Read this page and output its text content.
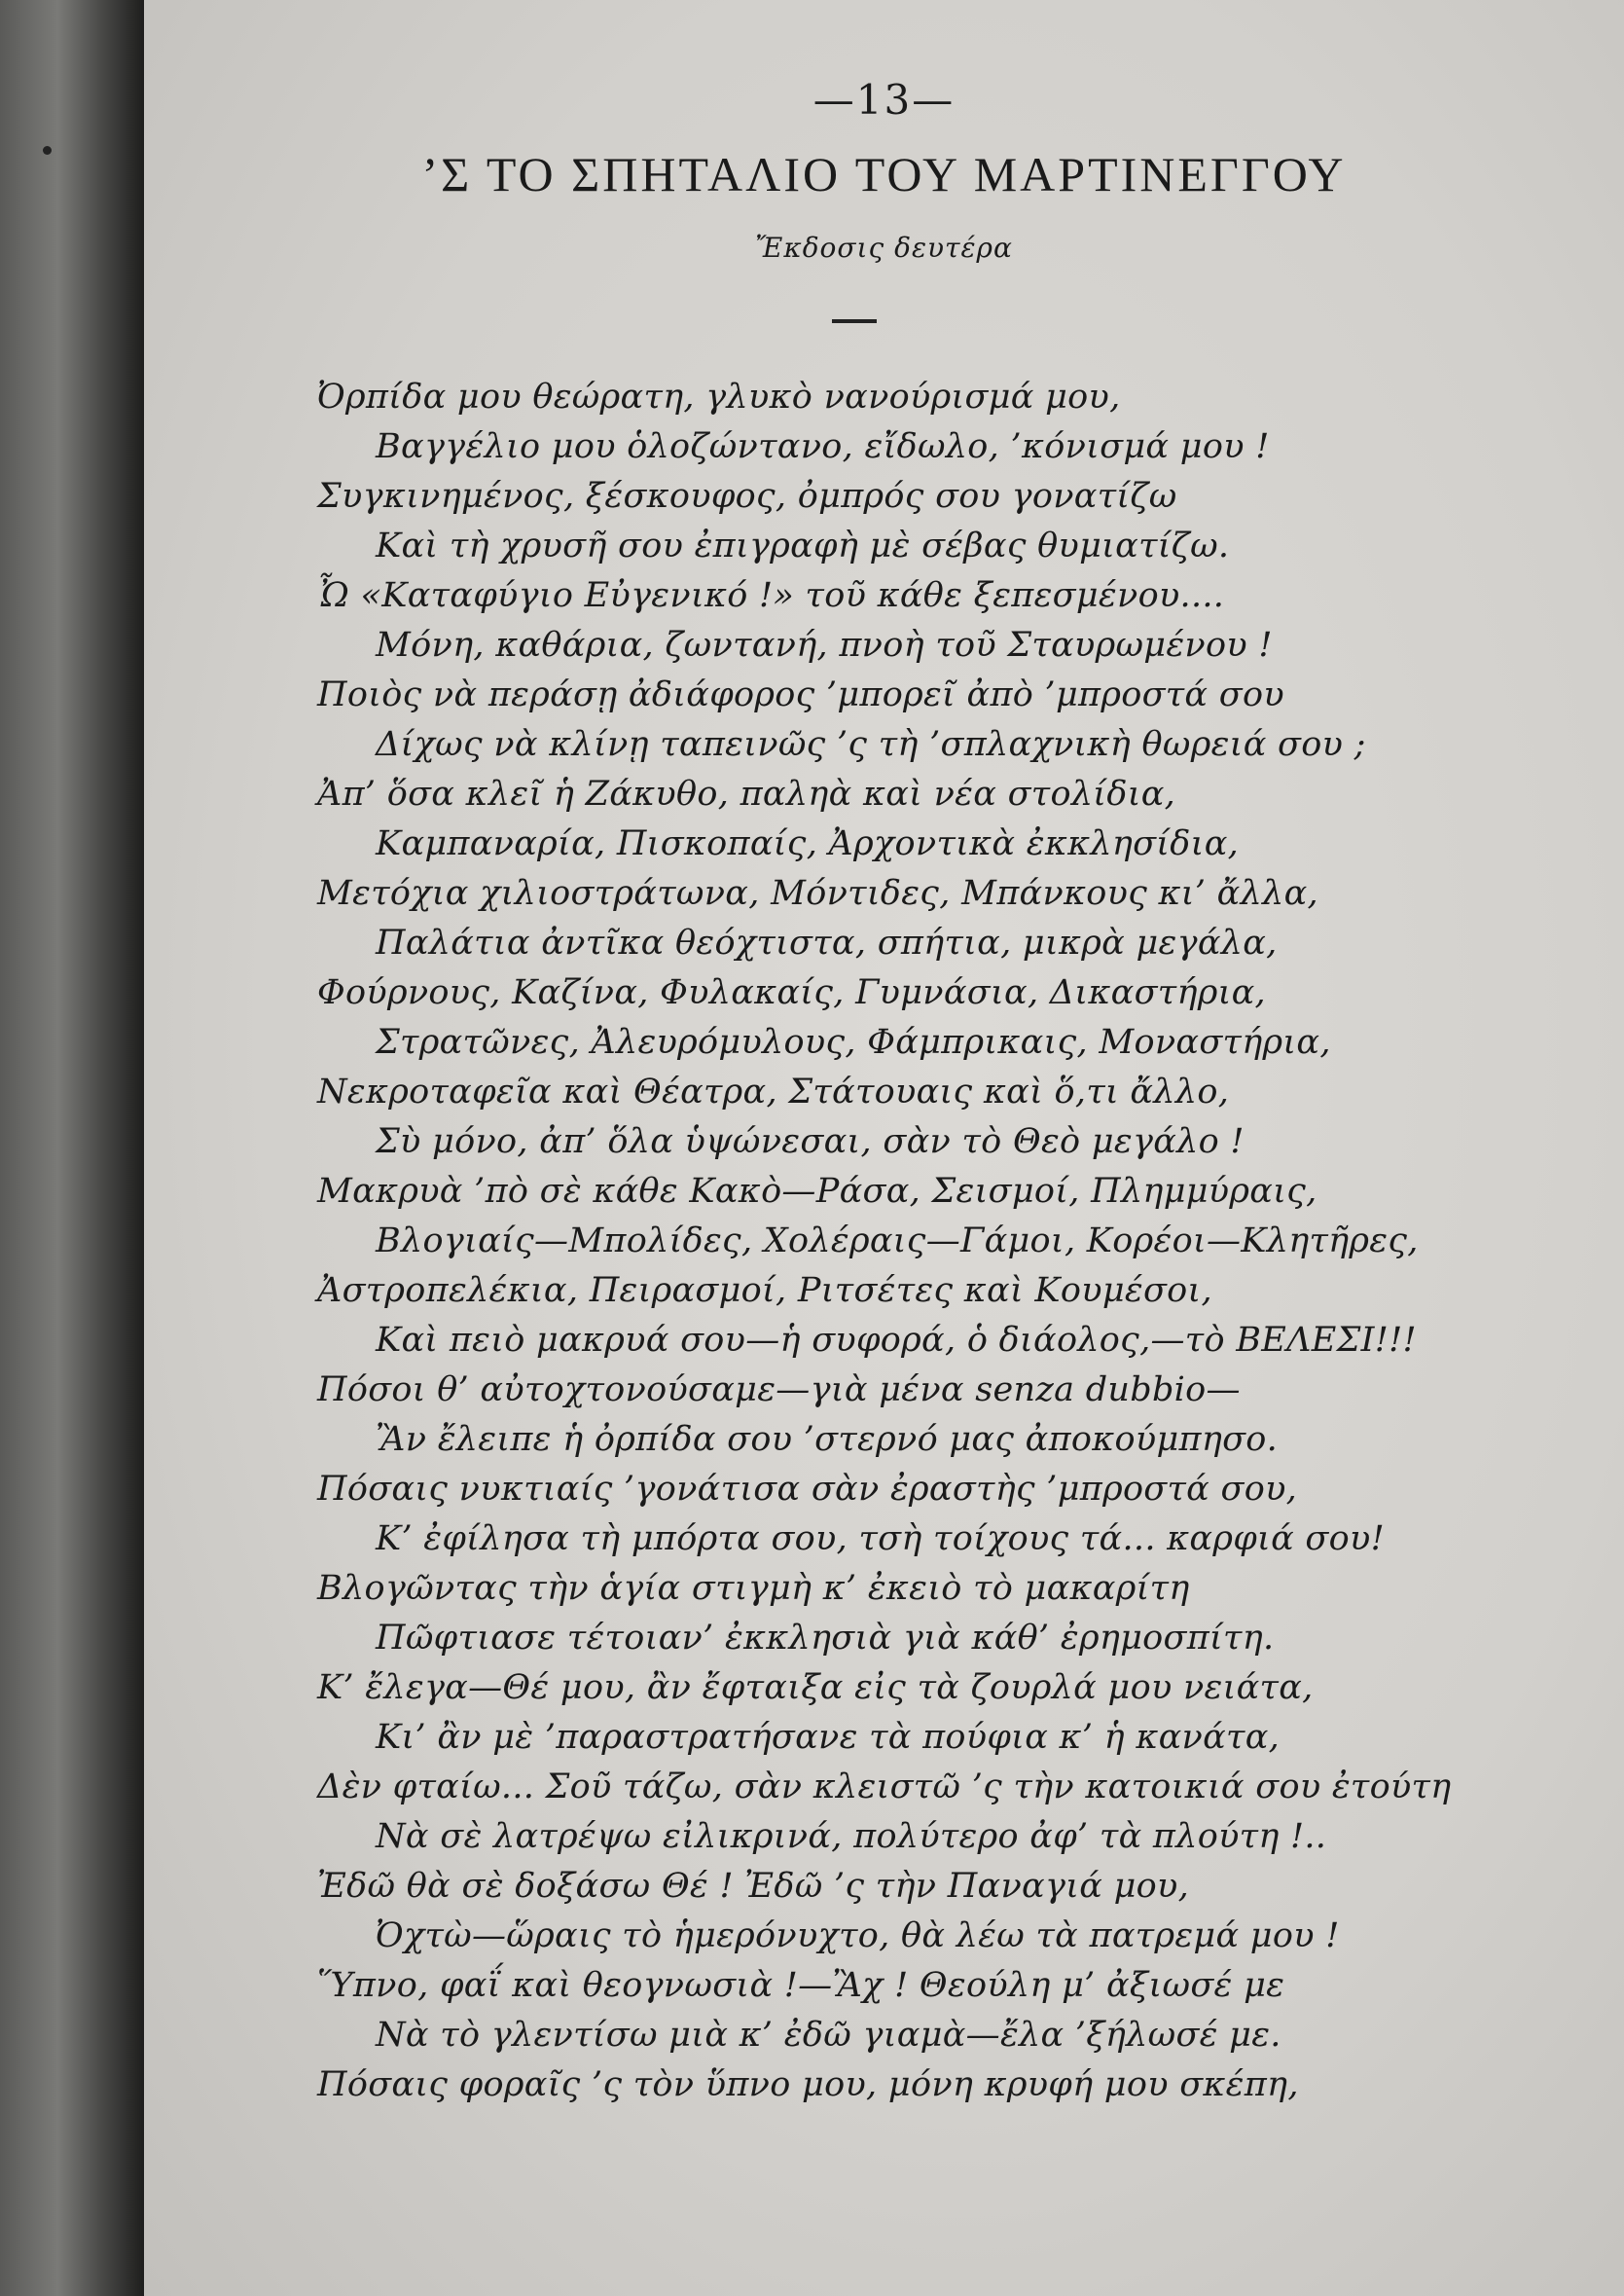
—13—
’Σ ΤΟ ΣΠΗΤΑΛΙΟ ΤΟΥ ΜΑΡΤΙΝΕΓΓΟΥ
Ἔκδοσις δευτέρα
Ὀρπίδα μου θεώρατη, γλυκὸ νανούρισμά μου,
Βαγγέλιο μου ὁλοζώντανο, εἴδωλο, ’κόνισμά μου !
Συγκινημένος, ξέσκουφος, ὀμπρός σου γονατίζω
Καὶ τὴ χρυσῆ σου ἐπιγραφὴ μὲ σέβας θυμιατίζω.
Ὦ «Καταφύγιο Εὐγενικό !» τοῦ κάθε ξεπεσμένου....
Μόνη, καθάρια, ζωντανή, πνοὴ τοῦ Σταυρωμένου !
Ποιὸς νὰ περάσῃ ἀδιάφορος ’μπορεῖ ἀπὸ ’μπροστά σου
Δίχως νὰ κλίνῃ ταπεινῶς ’ς τὴ ’σπλαχνικὴ θωρειά σου ;
Ἀπ’ ὅσα κλεῖ ἡ Ζάκυθο, παληὰ καὶ νέα στολίδια,
Καμπαναρία, Πισκοπαίς, Ἀρχοντικὰ ἐκκλησίδια,
Μετόχια χιλιοστράτωνα, Μόντιδες, Μπάνκους κι’ ἄλλα,
Παλάτια ἀντῖκα θεόχτιστα, σπήτια, μικρὰ μεγάλα,
Φούρνους, Καζίνα, Φυλακαίς, Γυμνάσια, Δικαστήρια,
Στρατῶνες, Ἀλευρόμυλους, Φάμπρικαις, Μοναστήρια,
Νεκροταφεῖα καὶ Θέατρα, Στάτουαις καὶ ὅ,τι ἄλλο,
Σὺ μόνο, ἀπ’ ὅλα ὑψώνεσαι, σὰν τὸ Θεὸ μεγάλο !
Μακρυὰ ’πὸ σὲ κάθε Κακὸ—Ράσα, Σεισμοί, Πλημμύραις,
Βλογιαίς—Μπολίδες, Χολέραις—Γάμοι, Κορέοι—Κλητῆρες,
Ἀστροπελέκια, Πειρασμοί, Ριτσέτες καὶ Κουμέσοι,
Καὶ πειὸ μακρυά σου—ἡ συφορά, ὁ διάολος,—τὸ ΒΕΛΕΣΙ!!!
Πόσοι θ’ αὐτοχτονούσαμε—γιὰ μένα senza dubbio—
Ἂν ἔλειπε ἡ ὀρπίδα σου ’στερνό μας ἀποκούμπησο.
Πόσαις νυκτιαίς ’γονάτισα σὰν ἐραστὴς ’μπροστά σου,
Κ’ ἐφίλησα τὴ μπόρτα σου, τσὴ τοίχους τά... καρφιά σου!
Βλογῶντας τὴν ἁγία στιγμὴ κ’ ἐκειὸ τὸ μακαρίτη
Πῶφτιασε τέτοιαν’ ἐκκλησιὰ γιὰ κάθ’ ἐρημοσπίτη.
Κ’ ἔλεγα—Θέ μου, ἂν ἔφταιξα εἰς τὰ ζουρλά μου νειάτα,
Κι’ ἂν μὲ ’παραστρατήσανε τὰ πούφια κ’ ἡ κανάτα,
Δὲν φταίω... Σοῦ τάζω, σὰν κλειστῶ ’ς τὴν κατοικιά σου ἐτούτη
Νὰ σὲ λατρέψω εἰλικρινά, πολύτερο ἀφ’ τὰ πλούτη !..
Ἐδῶ θὰ σὲ δοξάσω Θέ ! Ἐδῶ ’ς τὴν Παναγιά μου,
Ὀχτὼ—ὥραις τὸ ἡμερόνυχτο, θὰ λέω τὰ πατρεμά μου !
Ὕπνο, φαΐ καὶ θεογνωσιὰ !—Ἂχ ! Θεούλη μ’ ἀξιωσέ με
Νὰ τὸ γλεντίσω μιὰ κ’ ἐδῶ γιαμὰ—ἔλα ’ξήλωσέ με.
Πόσαις φοραῖς ’ς τὸν ὕπνο μου, μόνη κρυφή μου σκέπη,
